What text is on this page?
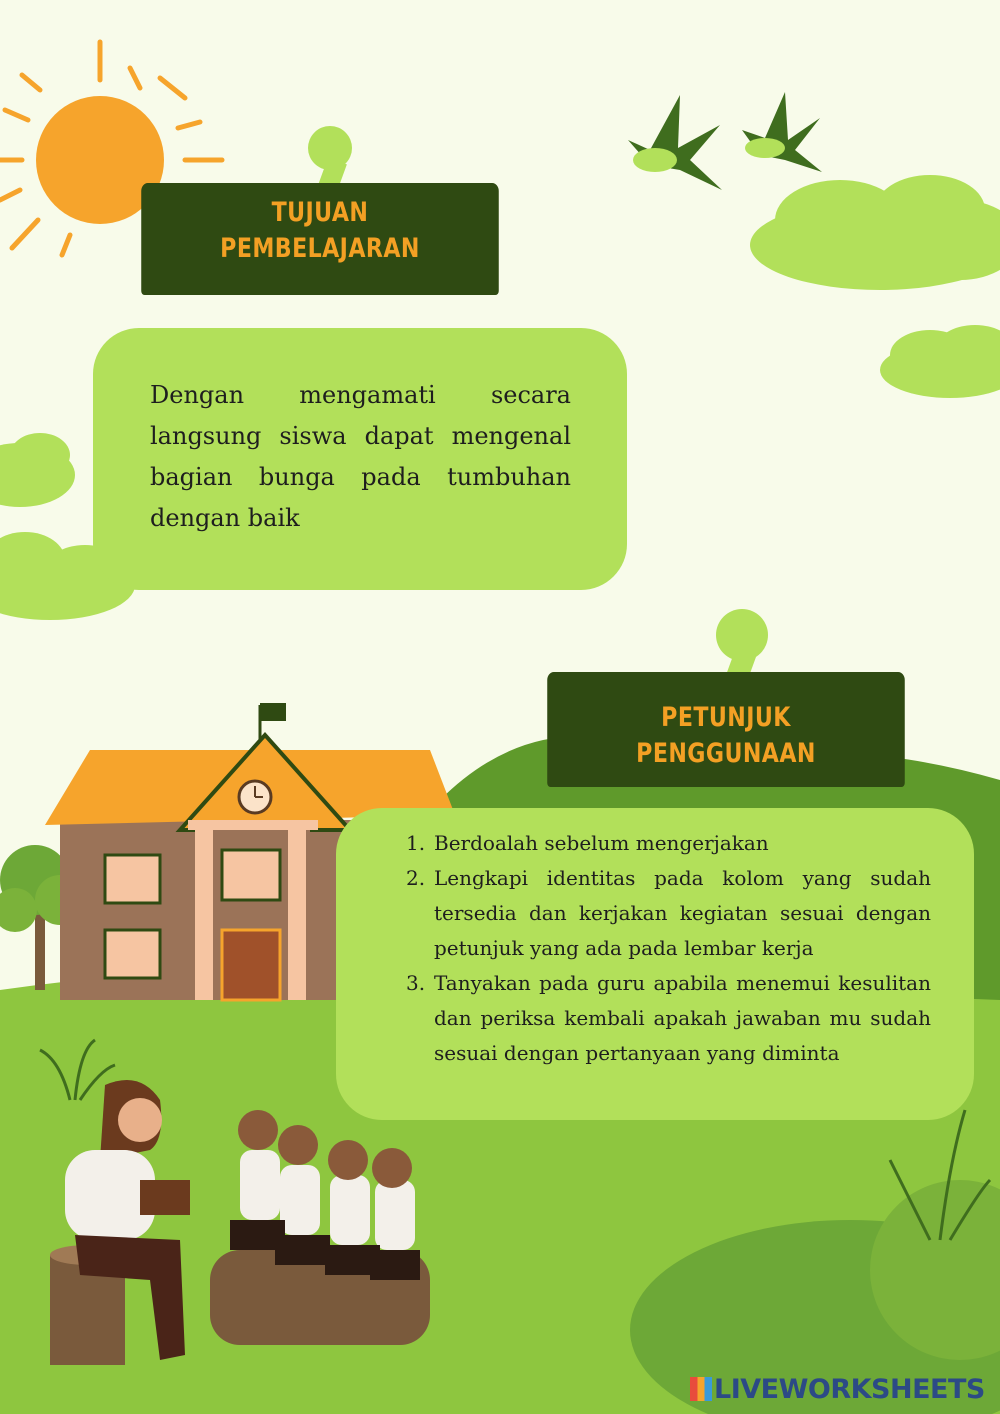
TUJUAN
PEMBELAJARAN
Dengan mengamati secara langsung siswa dapat mengenal bagian bunga pada tumbuhan dengan baik
PETUNJUK
PENGGUNAAN
1. Berdoalah sebelum mengerjakan
2. Lengkapi identitas pada kolom yang sudah tersedia dan kerjakan kegiatan sesuai dengan petunjuk yang ada pada lembar kerja
3. Tanyakan pada guru apabila menemui kesulitan dan periksa kembali apakah jawaban mu sudah sesuai dengan pertanyaan yang diminta
LIVEWORKSHEETS
